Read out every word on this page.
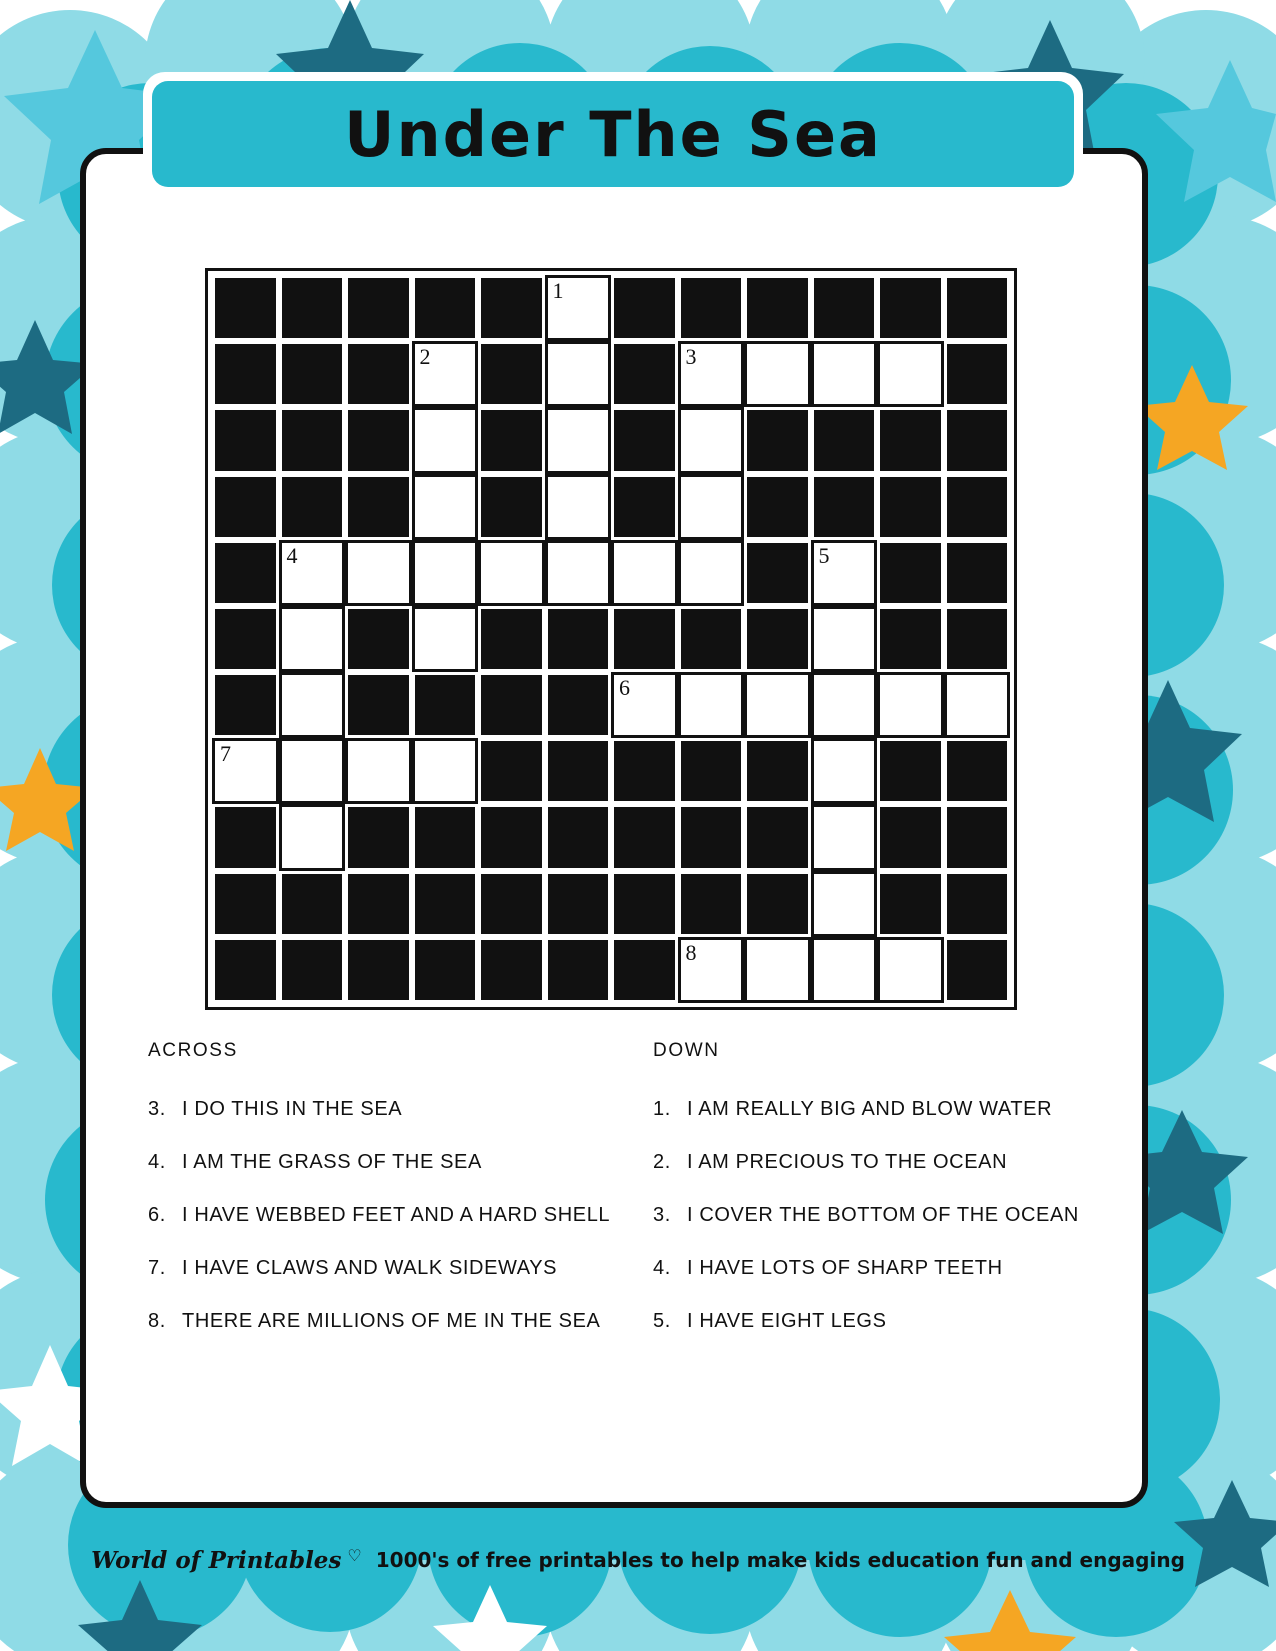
Under The Sea
1
2	3
4	5
6
7
8
ACROSS
3. I DO THIS IN THE SEA
4. I AM THE GRASS OF THE SEA
6. I HAVE WEBBED FEET AND A HARD SHELL
7. I HAVE CLAWS AND WALK SIDEWAYS
8. THERE ARE MILLIONS OF ME IN THE SEA
DOWN
1. I AM REALLY BIG AND BLOW WATER
2. I AM PRECIOUS TO THE OCEAN
3. I COVER THE BOTTOM OF THE OCEAN
4. I HAVE LOTS OF SHARP TEETH
5. I HAVE EIGHT LEGS
World of Printables ♡ 1000's of free printables to help make kids education fun and engaging
